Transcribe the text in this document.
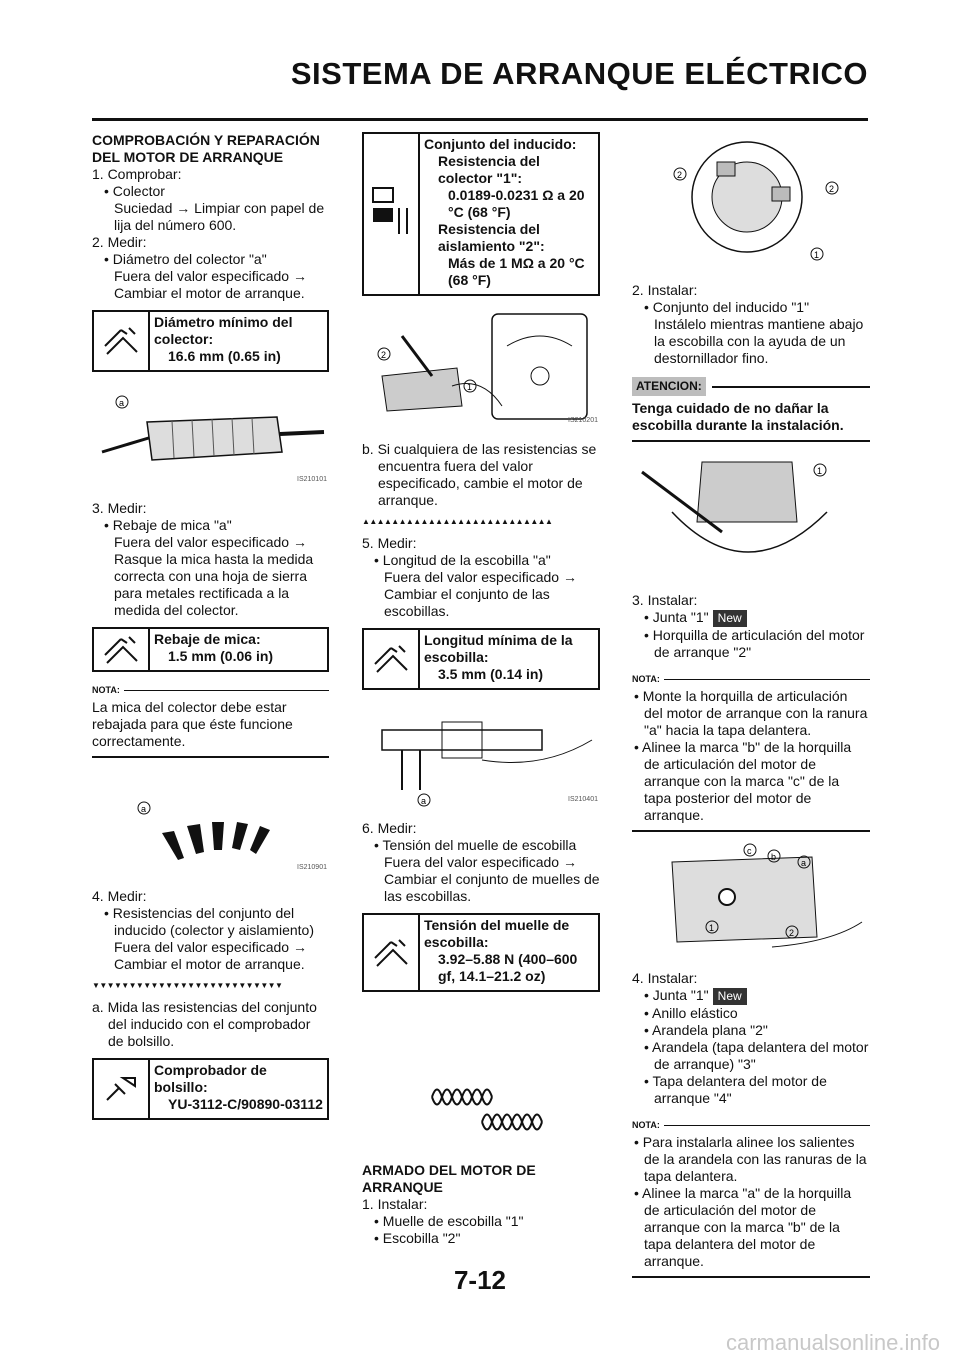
SISTEMA DE ARRANQUE ELÉCTRICO
COMPROBACIÓN Y REPARACIÓN DEL MOTOR DE ARRANQUE
1. Comprobar:
• Colector
Suciedad → Limpiar con papel de lija del número 600.
2. Medir:
• Diámetro del colector "a"
Fuera del valor especificado → Cambiar el motor de arranque.
Diámetro mínimo del colector:
16.6 mm (0.65 in)
a
IS210101
3. Medir:
• Rebaje de mica "a"
Fuera del valor especificado → Rasque la mica hasta la medida correcta con una hoja de sierra para metales rectificada a la medida del colector.
Rebaje de mica:
1.5 mm (0.06 in)
NOTA:
La mica del colector debe estar rebajada para que éste funcione correctamente.
a
IS210901
4. Medir:
• Resistencias del conjunto del inducido (colector y aislamiento)
Fuera del valor especificado → Cambiar el motor de arranque.
▼▼▼▼▼▼▼▼▼▼▼▼▼▼▼▼▼▼▼▼▼▼▼▼▼▼
a. Mida las resistencias del conjunto del inducido con el comprobador de bolsillo.
Comprobador de bolsillo:
YU-3112-C/90890-03112
Conjunto del inducido:
Resistencia del colector "1":
0.0189-0.0231 Ω a 20 °C (68 °F)
Resistencia del aislamiento "2":
Más de 1 MΩ a 20 °C (68 °F)
2
1
IS210201
b. Si cualquiera de las resistencias se encuentra fuera del valor especificado, cambie el motor de arranque.
▲▲▲▲▲▲▲▲▲▲▲▲▲▲▲▲▲▲▲▲▲▲▲▲▲▲
5. Medir:
• Longitud de la escobilla "a"
Fuera del valor especificado → Cambiar el conjunto de las escobillas.
Longitud mínima de la escobilla:
3.5 mm (0.14 in)
a	IS210401
6. Medir:
• Tensión del muelle de escobilla
Fuera del valor especificado → Cambiar el conjunto de muelles de las escobillas.
Tensión del muelle de escobilla:
3.92–5.88 N (400–600 gf, 14.1–21.2 oz)
ARMADO DEL MOTOR DE ARRANQUE
1. Instalar:
• Muelle de escobilla "1"
• Escobilla "2"
2
2
1
2. Instalar:
• Conjunto del inducido "1"
Instálelo mientras mantiene abajo la escobilla con la ayuda de un destornillador fino.
ATENCION:
Tenga cuidado de no dañar la escobilla durante la instalación.
1
3. Instalar:
• Junta "1" New
• Horquilla de articulación del motor de arranque "2"
NOTA:
• Monte la horquilla de articulación del motor de arranque con la ranura "a" hacia la tapa delantera.
• Alinee la marca "b" de la horquilla de articulación del motor de arranque con la marca "c" de la tapa posterior del motor de arranque.
c
b
a
1	2
4. Instalar:
• Junta "1" New
• Anillo elástico
• Arandela plana "2"
• Arandela (tapa delantera del motor de arranque) "3"
• Tapa delantera del motor de arranque "4"
NOTA:
• Para instalarla alinee los salientes de la arandela con las ranuras de la tapa delantera.
• Alinee la marca "a" de la horquilla de articulación del motor de arranque con la marca "b" de la tapa delantera del motor de arranque.
7-12
carmanualsonline.info
